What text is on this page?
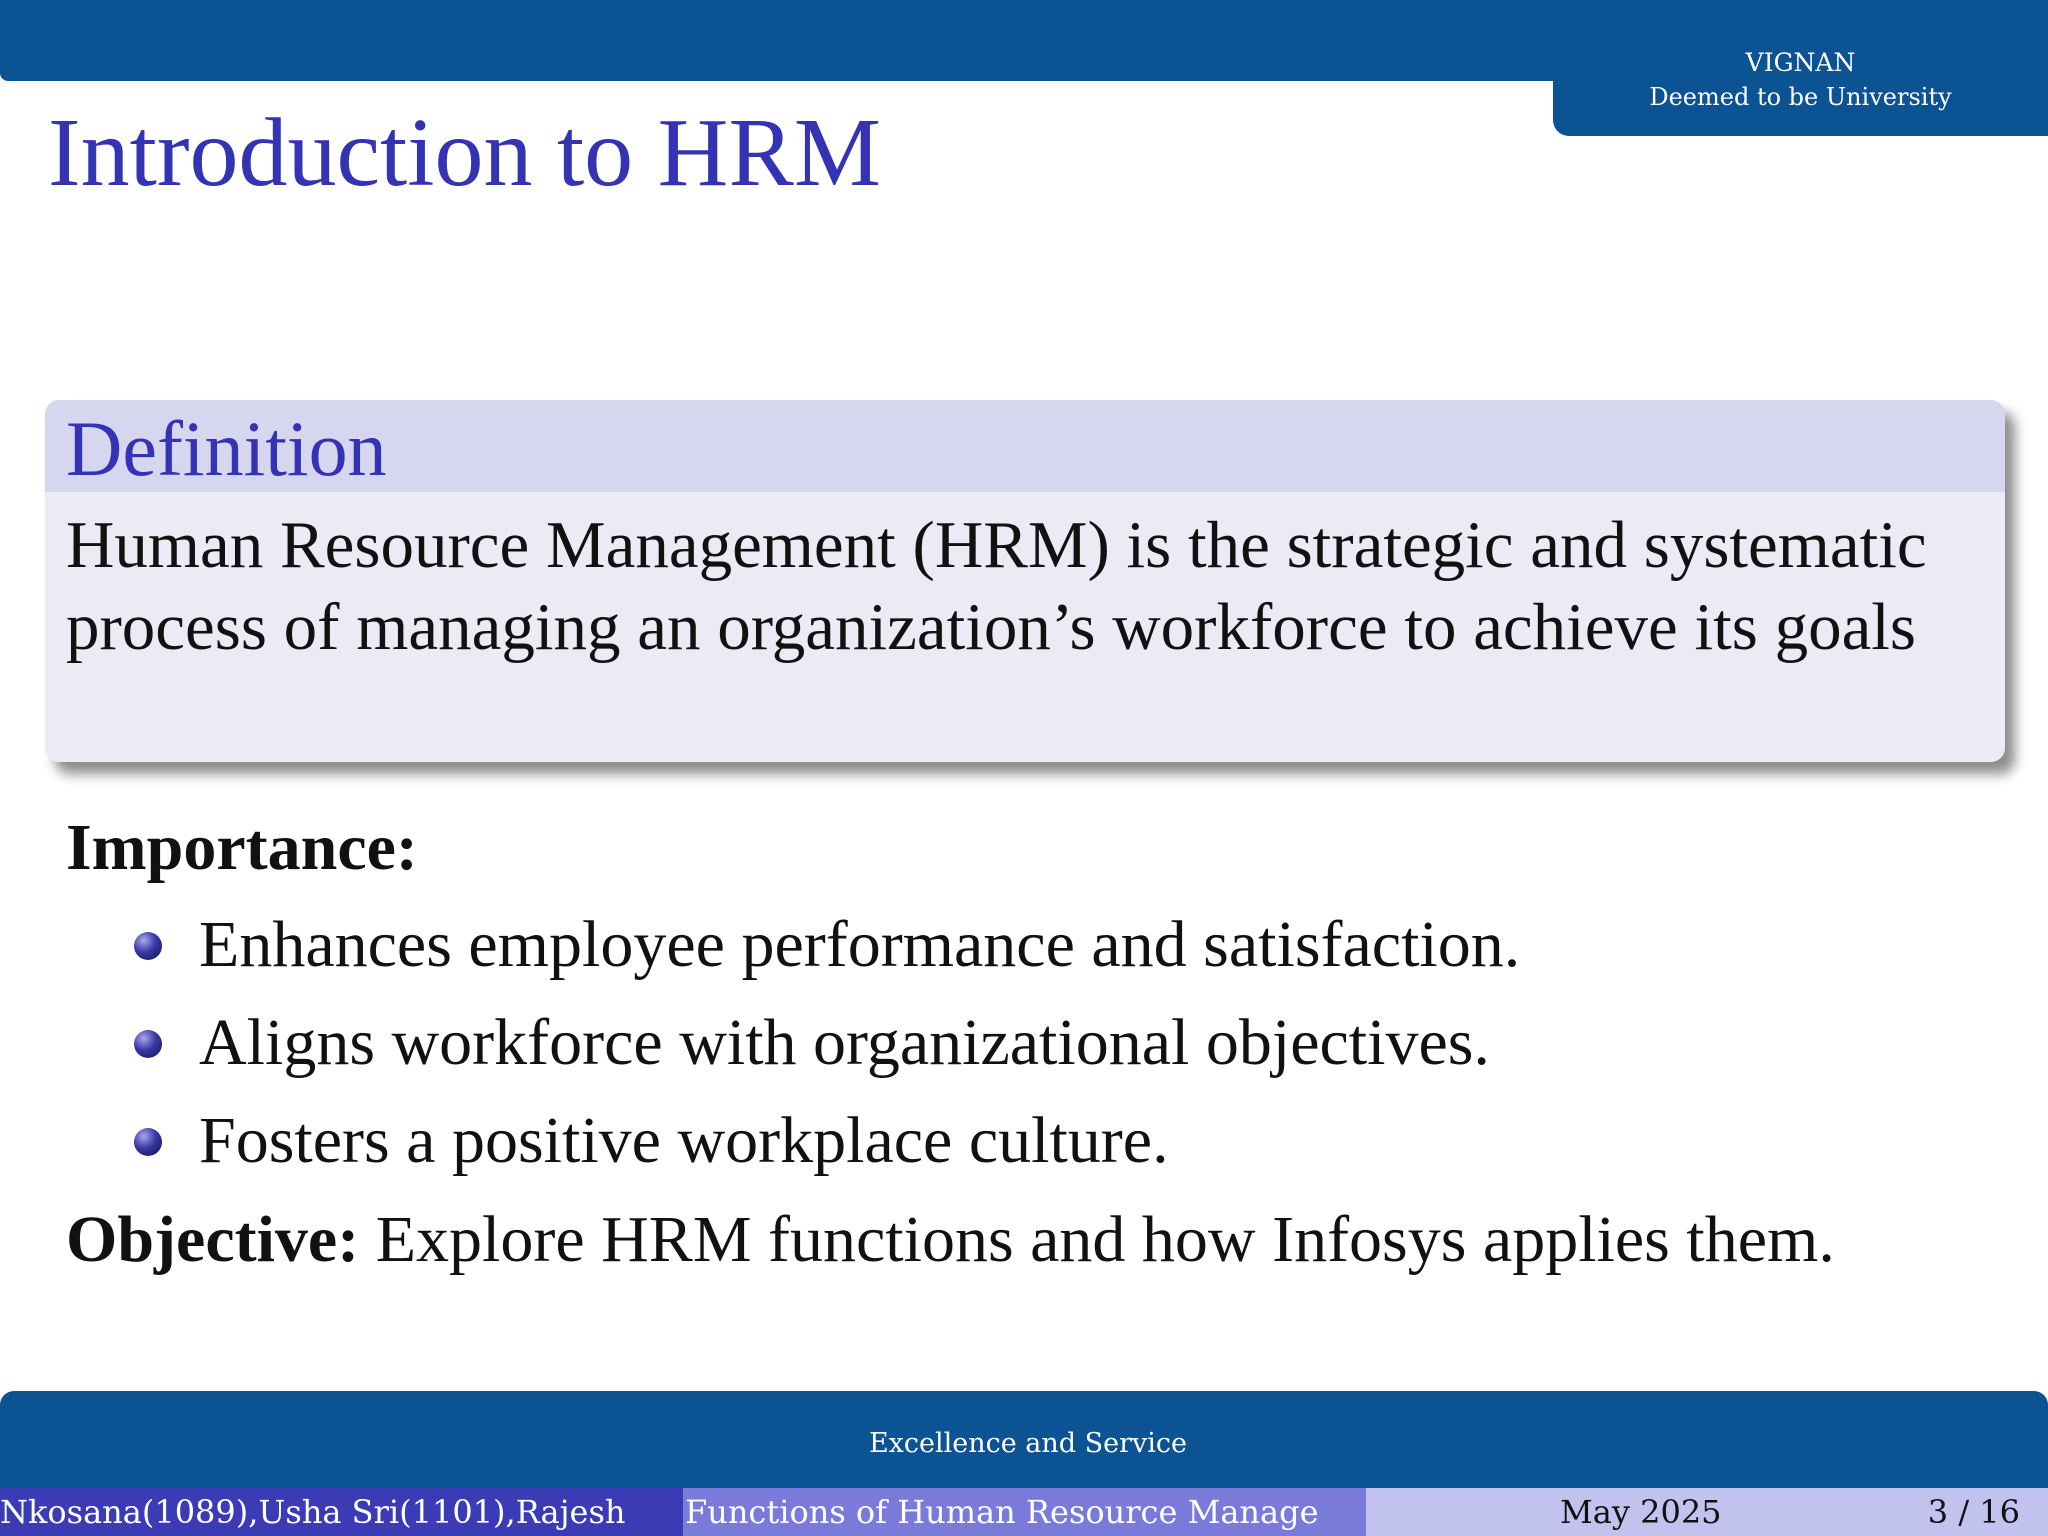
VIGNAN
Deemed to be University
Introduction to HRM
Definition

Human Resource Management (HRM) is the strategic and systematic process of managing an organization’s workforce to achieve its goals

Importance:
Enhances employee performance and satisfaction.
Aligns workforce with organizational objectives.
Fosters a positive workplace culture.
Objective: Explore HRM functions and how Infosys applies them.
Excellence and Service
Nkosana(1089),Usha Sri(1101),Rajesh	Functions of Human Resource Manage	May 2025	3 / 16
